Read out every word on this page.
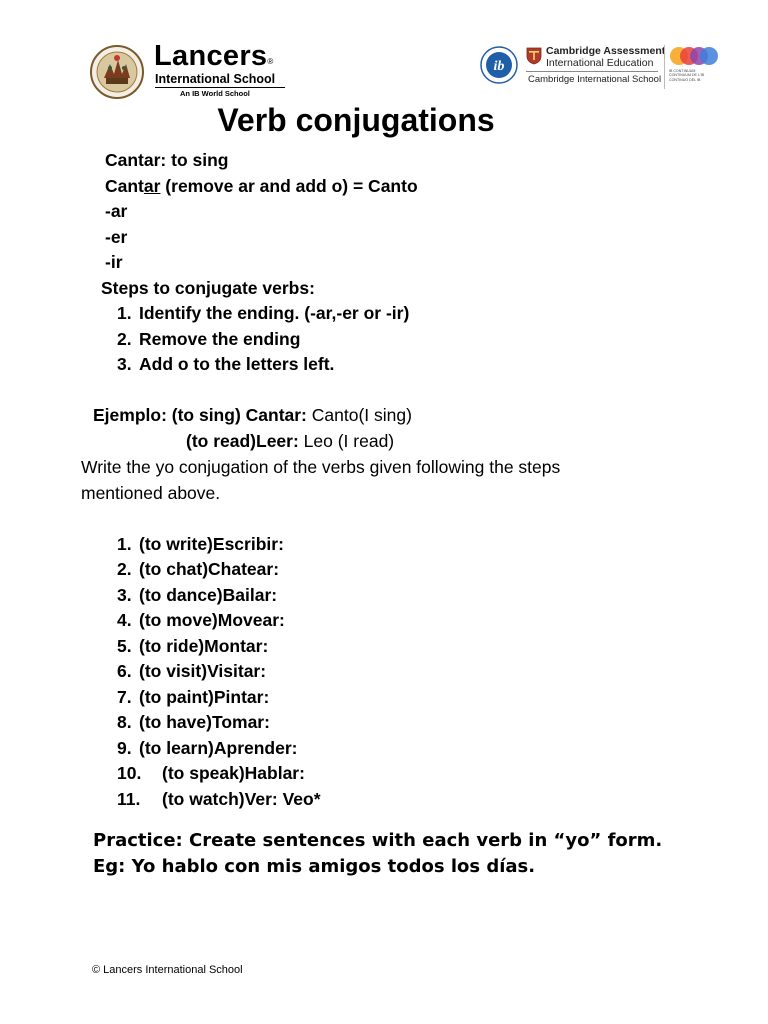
Lancers®
International School
An IB World School
ib
Cambridge Assessment
International Education
Cambridge International School
IB CONTINUUM
CONTINUUM DE L'IB
CONTINUO DEL IB
Verb conjugations
Cantar: to sing
Cantar (remove ar and add o) = Canto
-ar
-er
-ir
Steps to conjugate verbs:
1. Identify the ending. (-ar,-er or -ir)
2. Remove the ending
3. Add o to the letters left.
Ejemplo: (to sing) Cantar: Canto(I sing)
(to read)Leer: Leo (I read)
Write the yo conjugation of the verbs given following the steps
mentioned above.
1. (to write)Escribir:
2. (to chat)Chatear:
3. (to dance)Bailar:
4. (to move)Movear:
5. (to ride)Montar:
6. (to visit)Visitar:
7. (to paint)Pintar:
8. (to have)Tomar:
9. (to learn)Aprender:
10. (to speak)Hablar:
11. (to watch)Ver: Veo*
Practice: Create sentences with each verb in “yo” form.
Eg: Yo hablo con mis amigos todos los días.
© Lancers International School
